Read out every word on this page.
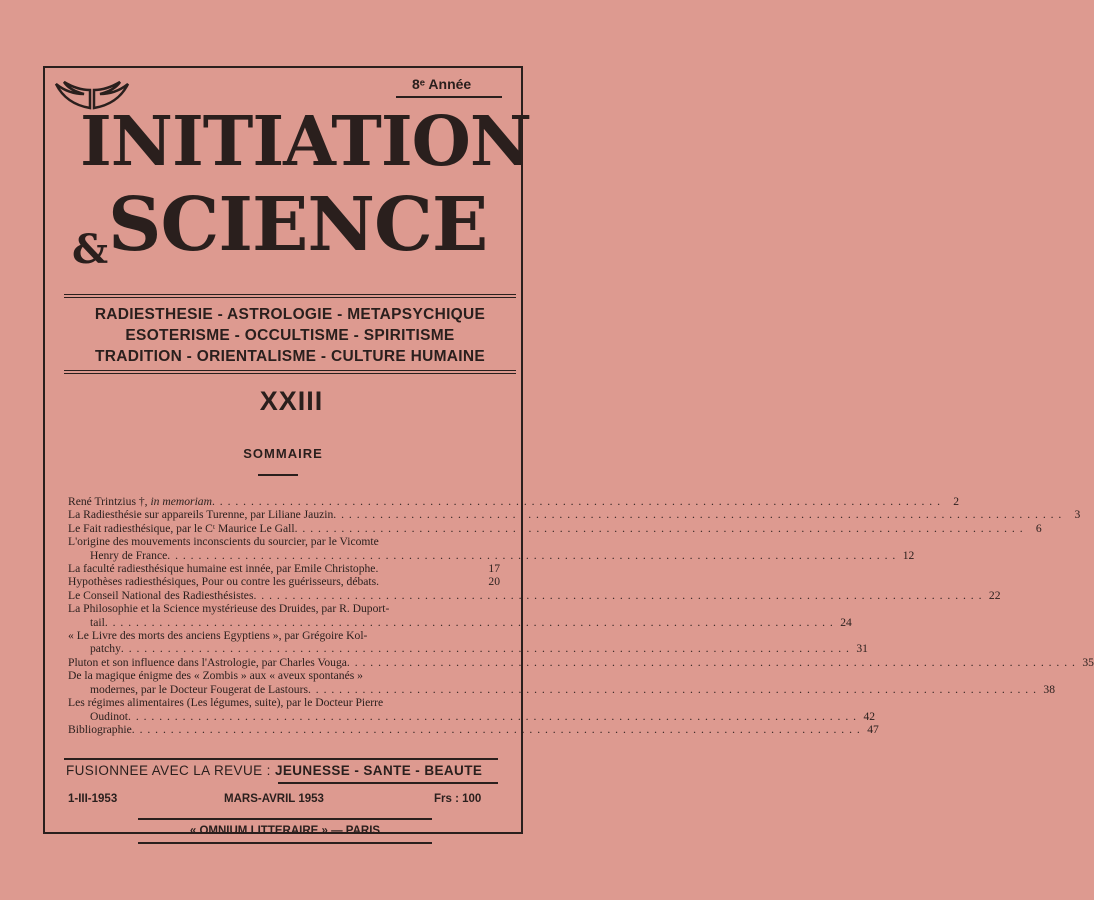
8ᵉ Année
INITIATION
& SCIENCE
RADIESTHESIE - ASTROLOGIE - METAPSYCHIQUE
ESOTERISME - OCCULTISME - SPIRITISME
TRADITION - ORIENTALISME - CULTURE HUMAINE
XXIII
SOMMAIRE
René Trintzius †, in memoriam . . .	2
La Radiesthésie sur appareils Turenne, par Liliane Jauzin . . .	3
Le Fait radiesthésique, par le Cᵗ Maurice Le Gall . . .	6
L'origine des mouvements inconscients du sourcier, par le Vicomte
Henry de France . . .	12
La faculté radiesthésique humaine est innée, par Emile Christophe.	17
Hypothèses radiesthésiques, Pour ou contre les guérisseurs, débats.	20
Le Conseil National des Radiesthésistes . . .	22
La Philosophie et la Science mystérieuse des Druides, par R. Duport-
tail . . .	24
« Le Livre des morts des anciens Egyptiens », par Grégoire Kol-
patchy . . .	31
Pluton et son influence dans l'Astrologie, par Charles Vouga . . .	35
De la magique énigme des « Zombis » aux « aveux spontanés »
modernes, par le Docteur Fougerat de Lastours . . .	38
Les régimes alimentaires (Les légumes, suite), par le Docteur Pierre
Oudinot . . .	42
Bibliographie . . .	47
FUSIONNEE AVEC LA REVUE : JEUNESSE - SANTE - BEAUTE
1-III-1953	MARS-AVRIL 1953	Frs : 100
« OMNIUM LITTERAIRE » — PARIS
